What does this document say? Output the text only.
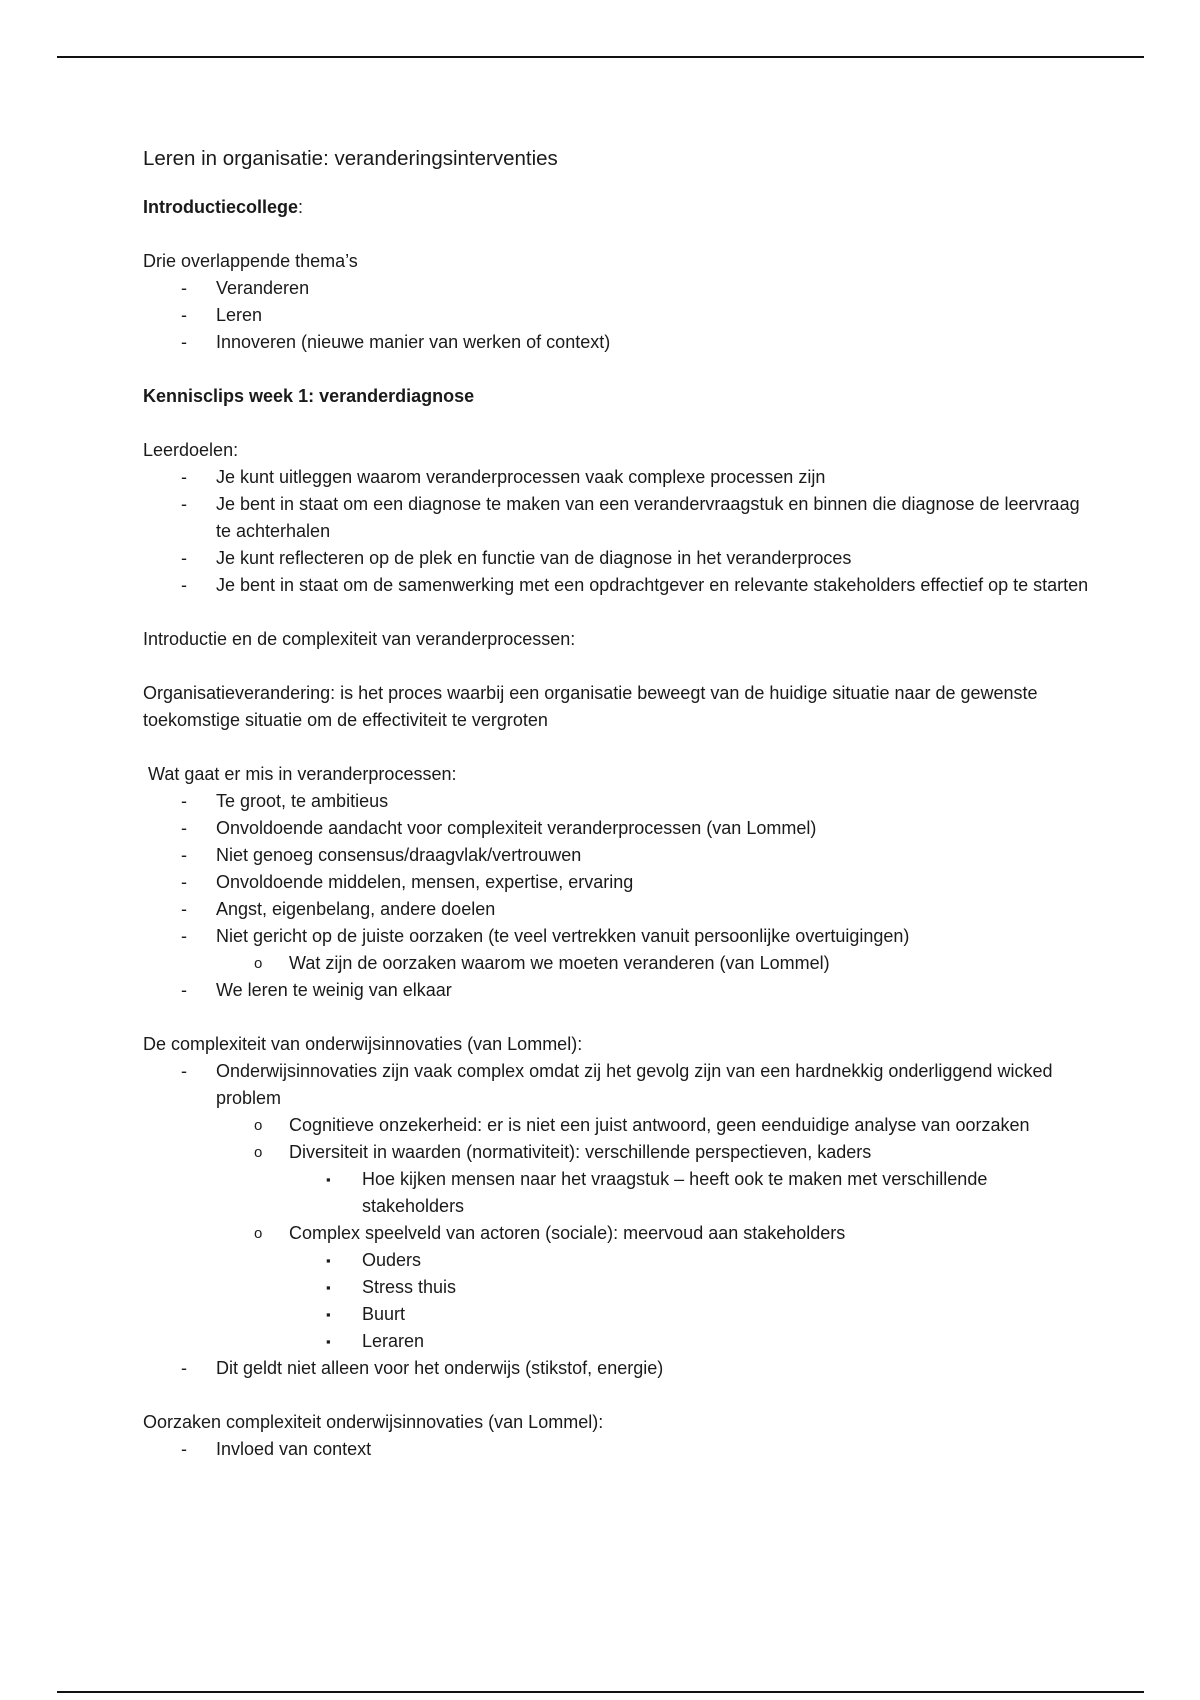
Leren in organisatie: veranderingsinterventies
Introductiecollege:
Drie overlappende thema’s
- Veranderen
- Leren
- Innoveren (nieuwe manier van werken of context)
Kennisclips week 1: veranderdiagnose
Leerdoelen:
- Je kunt uitleggen waarom veranderprocessen vaak complexe processen zijn
- Je bent in staat om een diagnose te maken van een verandervraagstuk en binnen die diagnose de leervraag te achterhalen
- Je kunt reflecteren op de plek en functie van de diagnose in het veranderproces
- Je bent in staat om de samenwerking met een opdrachtgever en relevante stakeholders effectief op te starten
Introductie en de complexiteit van veranderprocessen:
Organisatieverandering: is het proces waarbij een organisatie beweegt van de huidige situatie naar de gewenste toekomstige situatie om de effectiviteit te vergroten
Wat gaat er mis in veranderprocessen:
- Te groot, te ambitieus
- Onvoldoende aandacht voor complexiteit veranderprocessen (van Lommel)
- Niet genoeg consensus/draagvlak/vertrouwen
- Onvoldoende middelen, mensen, expertise, ervaring
- Angst, eigenbelang, andere doelen
- Niet gericht op de juiste oorzaken (te veel vertrekken vanuit persoonlijke overtuigingen)
o Wat zijn de oorzaken waarom we moeten veranderen (van Lommel)
- We leren te weinig van elkaar
De complexiteit van onderwijsinnovaties (van Lommel):
- Onderwijsinnovaties zijn vaak complex omdat zij het gevolg zijn van een hardnekkig onderliggend wicked problem
o Cognitieve onzekerheid: er is niet een juist antwoord, geen eenduidige analyse van oorzaken
o Diversiteit in waarden (normativiteit): verschillende perspectieven, kaders
▪ Hoe kijken mensen naar het vraagstuk – heeft ook te maken met verschillende stakeholders
o Complex speelveld van actoren (sociale): meervoud aan stakeholders
▪ Ouders
▪ Stress thuis
▪ Buurt
▪ Leraren
- Dit geldt niet alleen voor het onderwijs (stikstof, energie)
Oorzaken complexiteit onderwijsinnovaties (van Lommel):
- Invloed van context
